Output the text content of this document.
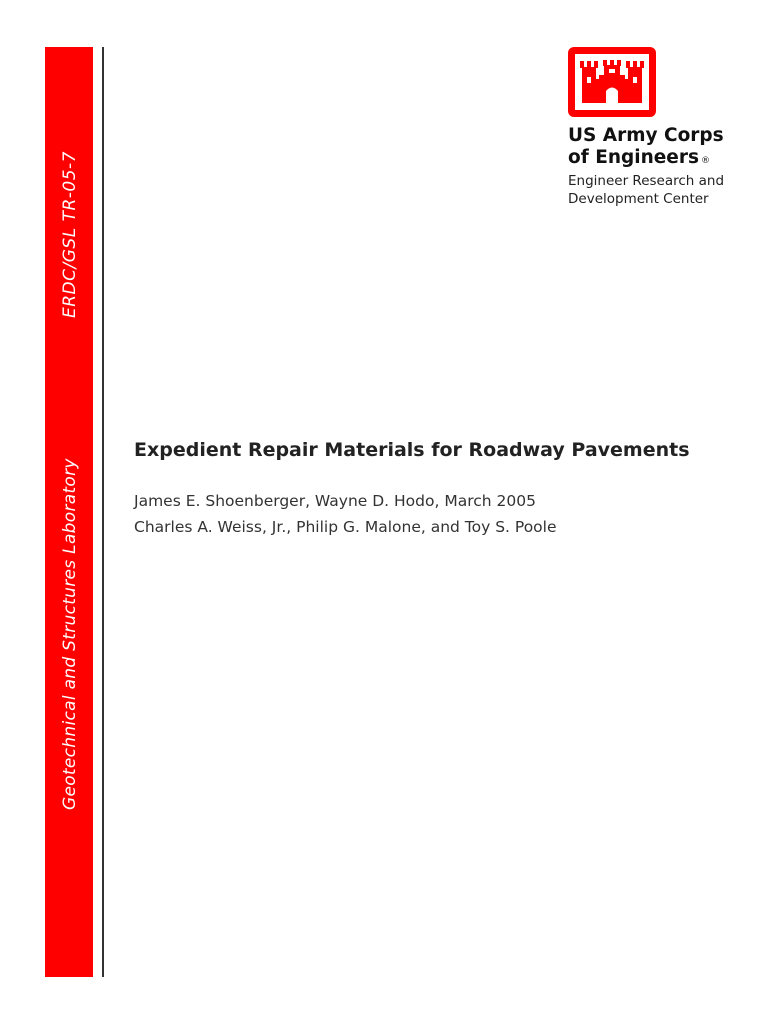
ERDC/GSL TR-05-7
Geotechnical and Structures Laboratory
US Army Corps
of Engineers ®
Engineer Research and
Development Center
Expedient Repair Materials for Roadway Pavements
James E. Shoenberger, Wayne D. Hodo, March 2005
Charles A. Weiss, Jr., Philip G. Malone, and Toy S. Poole
